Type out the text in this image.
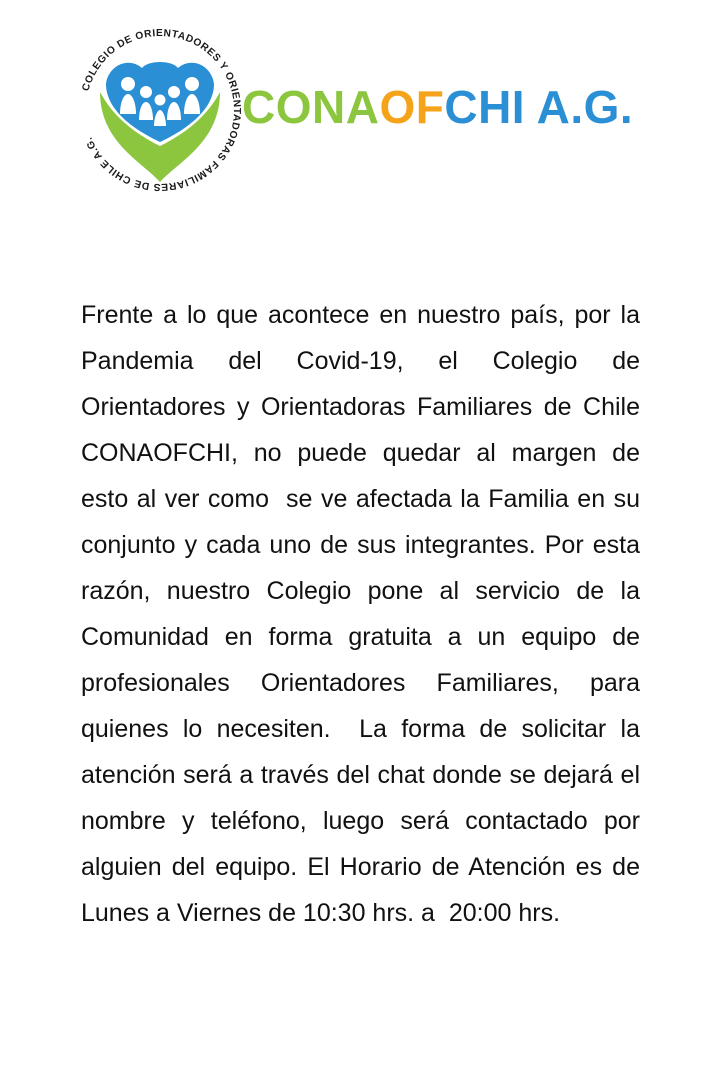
COLEGIO DE ORIENTADORES Y ORIENTADORAS FAMILIARES DE CHILE A.G.
CONAOFCHI A.G.

Frente a lo que acontece en nuestro país, por la Pandemia del Covid-19, el Colegio de Orientadores y Orientadoras Familiares de Chile CONAOFCHI, no puede quedar al margen de esto al ver como  se ve afectada la Familia en su conjunto y cada uno de sus integrantes. Por esta razón, nuestro Colegio pone al servicio de la Comunidad en forma gratuita a un equipo de profesionales Orientadores Familiares, para quienes lo necesiten.  La forma de solicitar la atención será a través del chat donde se dejará el nombre y teléfono, luego será contactado por alguien del equipo. El Horario de Atención es de Lunes a Viernes de 10:30 hrs. a  20:00 hrs.
